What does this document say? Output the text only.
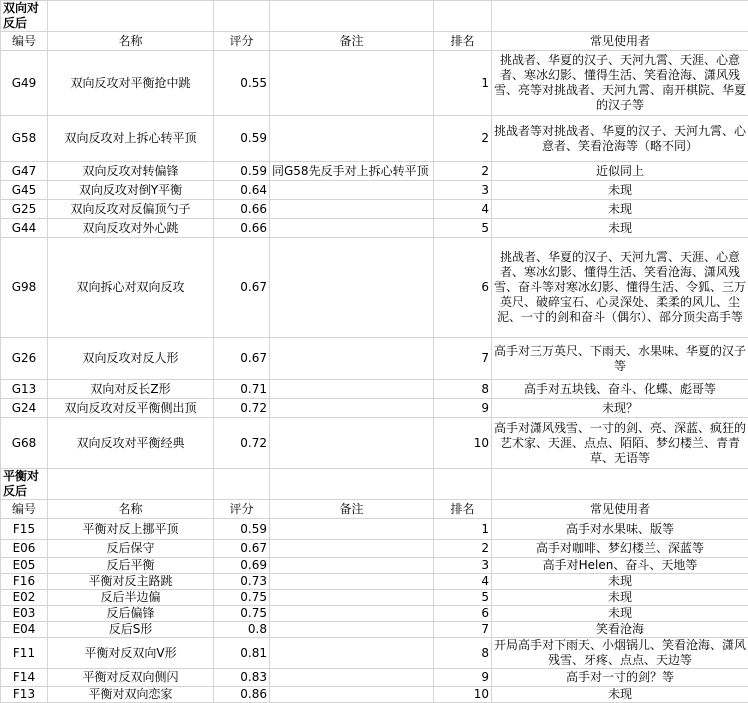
双向对反后					
编号	名称	评分	备注	排名	常见使用者
G49	双向反攻对平衡抢中跳	0.55		1	挑战者、华夏的汉子、天河九霄、天涯、心意者、寒冰幻影、懂得生活、笑看沧海、潇风残雪、亮等对挑战者、天河九霄、南开棋院、华夏的汉子等
G58	双向反攻对上拆心转平顶	0.59		2	挑战者等对挑战者、华夏的汉子、天河九霄、心意者、笑看沧海等（略不同）
G47	双向反攻对转偏锋	0.59	同G58先反手对上拆心转平顶	2	近似同上
G45	双向反攻对倒Y平衡	0.64		3	未现
G25	双向反攻对反偏顶勺子	0.66		4	未现
G44	双向反攻对外心跳	0.66		5	未现
G98	双向拆心对双向反攻	0.67		6	挑战者、华夏的汉子、天河九霄、天涯、心意者、寒冰幻影、懂得生活、笑看沧海、潇风残雪、奋斗等对寒冰幻影、懂得生活、令狐、三万英尺、破碎宝石、心灵深处、柔柔的风儿、尘泥、一寸的剑和奋斗（偶尔）、部分顶尖高手等
G26	双向反攻对反人形	0.67		7	高手对三万英尺、下雨天、水果味、华夏的汉子等
G13	双向对反长Z形	0.71		8	高手对五块钱、奋斗、化蝶、彪哥等
G24	双向反攻对反平衡侧出顶	0.72		9	未现？
G68	双向反攻对平衡经典	0.72		10	高手对潇风残雪、一寸的剑、亮、深蓝、疯狂的艺术家、天涯、点点、陌陌、梦幻楼兰、青青草、无语等
平衡对反后					
编号	名称	评分	备注	排名	常见使用者
F15	平衡对反上挪平顶	0.59		1	高手对水果味、版等
E06	反后保守	0.67		2	高手对咖啡、梦幻楼兰、深蓝等
E05	反后平衡	0.69		3	高手对Helen、奋斗、天地等
F16	平衡对反主路跳	0.73		4	未现
E02	反后半边偏	0.75		5	未现
E03	反后偏锋	0.75		6	未现
E04	反后S形	0.8		7	笑看沧海
F11	平衡对反双向V形	0.81		8	开局高手对下雨天、小烟锅儿、笑看沧海、潇风残雪、牙疼、点点、天边等
F14	平衡对反双向侧闪	0.83		9	高手对一寸的剑？等
F13	平衡对双向恋家	0.86		10	未现
